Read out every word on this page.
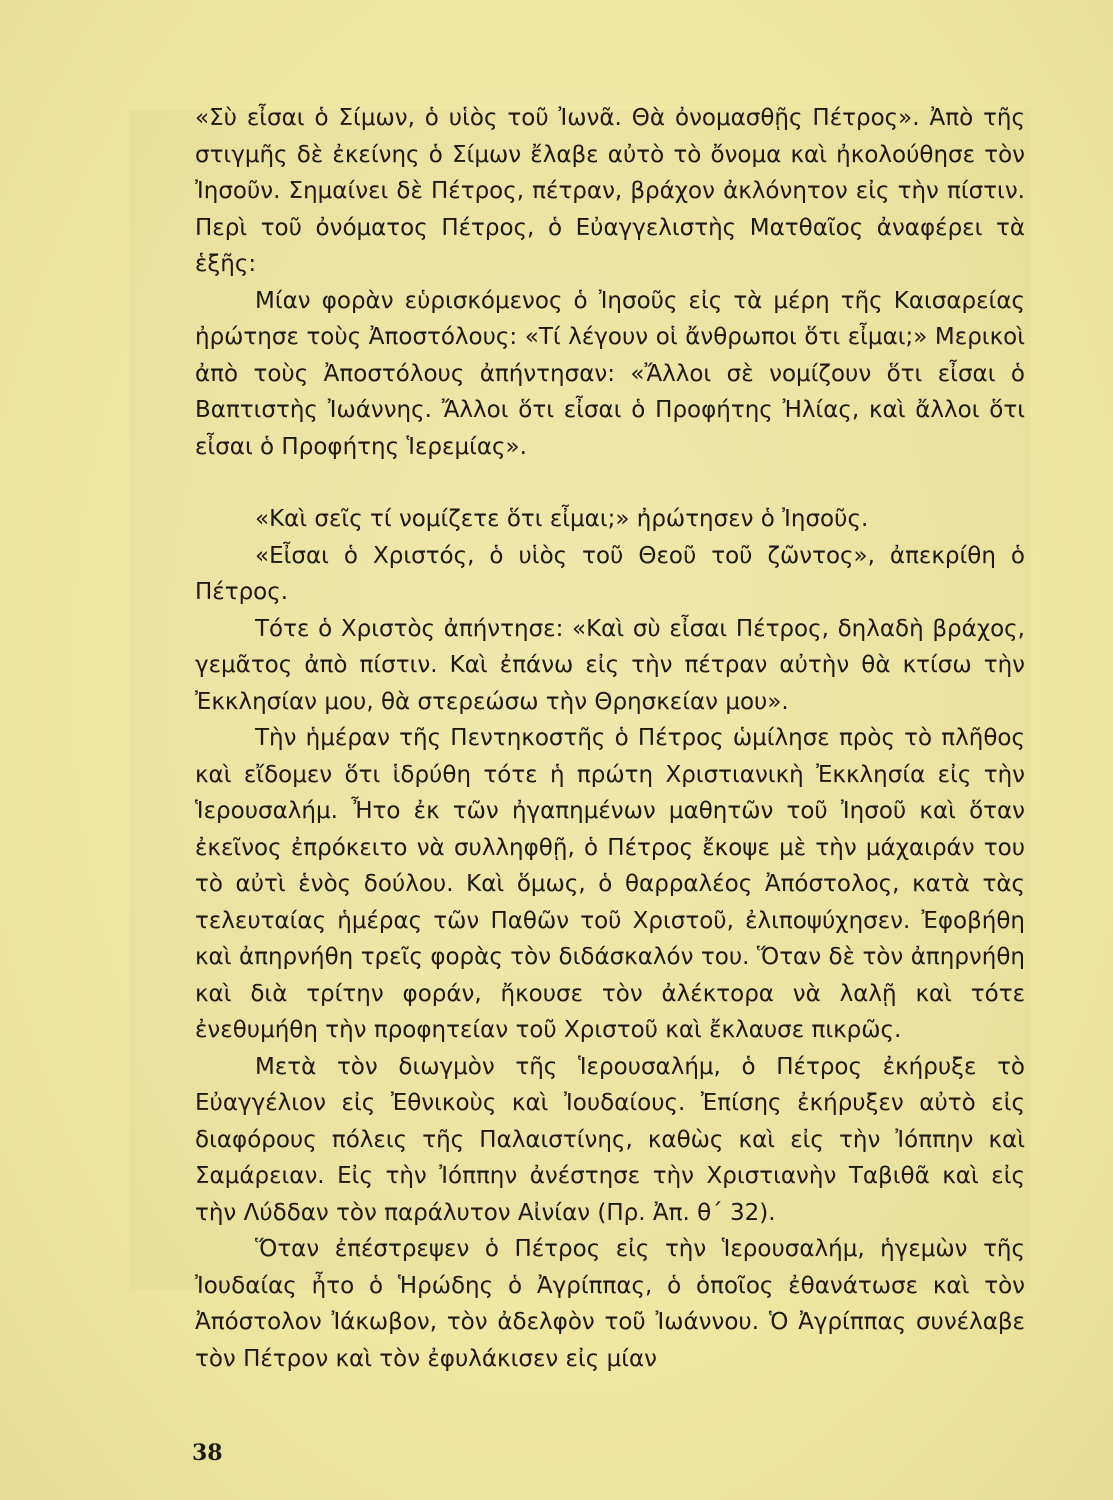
«Σὺ εἶσαι ὁ Σίμων, ὁ υἱὸς τοῦ Ἰωνᾶ. Θὰ ὀνομασθῇς Πέτρος». Ἀπὸ τῆς στιγμῆς δὲ ἐκείνης ὁ Σίμων ἔλαβε αὐτὸ τὸ ὄνομα καὶ ἠκολούθησε τὸν Ἰησοῦν. Σημαίνει δὲ Πέτρος, πέτραν, βράχον ἀκλόνητον εἰς τὴν πίστιν. Περὶ τοῦ ὀνόματος Πέτρος, ὁ Εὐαγγελιστὴς Ματθαῖος ἀναφέρει τὰ ἑξῆς:

Μίαν φορὰν εὑρισκόμενος ὁ Ἰησοῦς εἰς τὰ μέρη τῆς Καισαρείας ἠρώτησε τοὺς Ἀποστόλους: «Τί λέγουν οἱ ἄνθρωποι ὅτι εἶμαι;» Μερικοὶ ἀπὸ τοὺς Ἀποστόλους ἀπήντησαν: «Ἄλλοι σὲ νομίζουν ὅτι εἶσαι ὁ Βαπτιστὴς Ἰωάννης. Ἄλλοι ὅτι εἶσαι ὁ Προφήτης Ἠλίας, καὶ ἄλλοι ὅτι εἶσαι ὁ Προφήτης Ἱερεμίας».

«Καὶ σεῖς τί νομίζετε ὅτι εἶμαι;» ἠρώτησεν ὁ Ἰησοῦς.

«Εἶσαι ὁ Χριστός, ὁ υἱὸς τοῦ Θεοῦ τοῦ ζῶντος», ἀπεκρίθη ὁ Πέτρος.

Τότε ὁ Χριστὸς ἀπήντησε: «Καὶ σὺ εἶσαι Πέτρος, δηλαδὴ βράχος, γεμᾶτος ἀπὸ πίστιν. Καὶ ἐπάνω εἰς τὴν πέτραν αὐτὴν θὰ κτίσω τὴν Ἐκκλησίαν μου, θὰ στερεώσω τὴν Θρησκείαν μου».

Τὴν ἡμέραν τῆς Πεντηκοστῆς ὁ Πέτρος ὡμίλησε πρὸς τὸ πλῆθος καὶ εἴδομεν ὅτι ἱδρύθη τότε ἡ πρώτη Χριστιανικὴ Ἐκκλησία εἰς τὴν Ἱερουσαλήμ. Ἦτο ἐκ τῶν ἠγαπημένων μαθητῶν τοῦ Ἰησοῦ καὶ ὅταν ἐκεῖνος ἐπρόκειτο νὰ συλληφθῇ, ὁ Πέτρος ἔκοψε μὲ τὴν μάχαιράν του τὸ αὐτὶ ἑνὸς δούλου. Καὶ ὅμως, ὁ θαρραλέος Ἀπόστολος, κατὰ τὰς τελευταίας ἡμέρας τῶν Παθῶν τοῦ Χριστοῦ, ἐλιποψύχησεν. Ἐφοβήθη καὶ ἀπηρνήθη τρεῖς φορὰς τὸν διδάσκαλόν του. Ὅταν δὲ τὸν ἀπηρνήθη καὶ διὰ τρίτην φοράν, ἤκουσε τὸν ἀλέκτορα νὰ λαλῇ καὶ τότε ἐνεθυμήθη τὴν προφητείαν τοῦ Χριστοῦ καὶ ἔκλαυσε πικρῶς.

Μετὰ τὸν διωγμὸν τῆς Ἱερουσαλήμ, ὁ Πέτρος ἐκήρυξε τὸ Εὐαγγέλιον εἰς Ἐθνικοὺς καὶ Ἰουδαίους. Ἐπίσης ἐκήρυξεν αὐτὸ εἰς διαφόρους πόλεις τῆς Παλαιστίνης, καθὼς καὶ εἰς τὴν Ἰόππην καὶ Σαμάρειαν. Εἰς τὴν Ἰόππην ἀνέστησε τὴν Χριστιανὴν Ταβιθᾶ καὶ εἰς τὴν Λύδδαν τὸν παράλυτον Αἰνίαν (Πρ. Ἀπ. θ΄ 32).

Ὅταν ἐπέστρεψεν ὁ Πέτρος εἰς τὴν Ἱερουσαλήμ, ἡγεμὼν τῆς Ἰουδαίας ἦτο ὁ Ἡρώδης ὁ Ἀγρίππας, ὁ ὁποῖος ἐθανάτωσε καὶ τὸν Ἀπόστολον Ἰάκωβον, τὸν ἀδελφὸν τοῦ Ἰωάννου. Ὁ Ἀγρίππας συνέλαβε τὸν Πέτρον καὶ τὸν ἐφυλάκισεν εἰς μίαν

38
